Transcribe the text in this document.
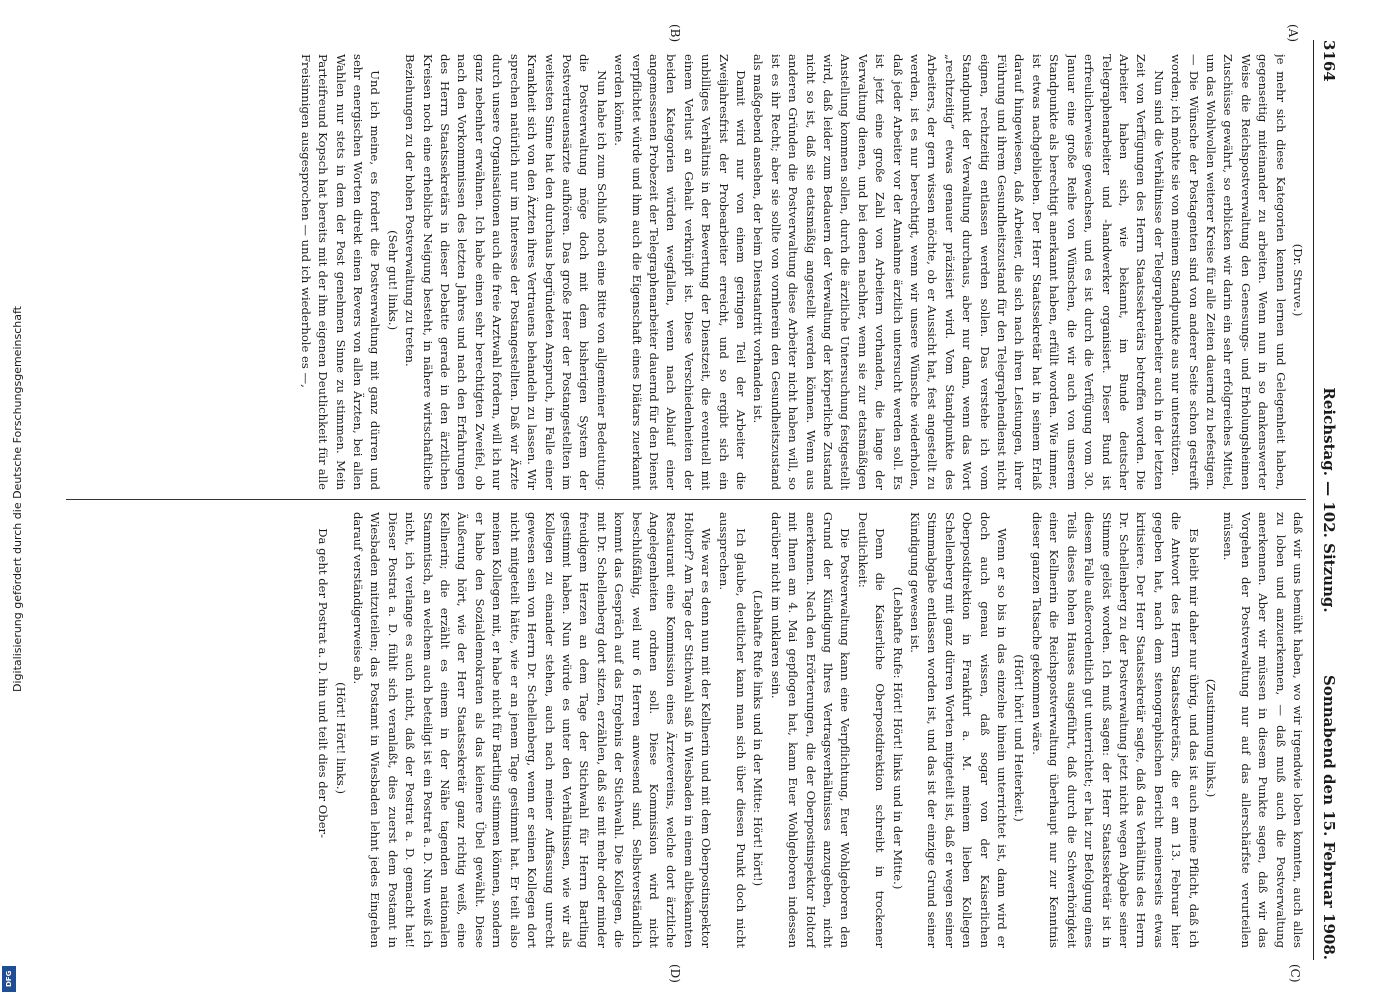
Digitalisierung gefördert durch die Deutsche Forschungsgemeinschaft
DFG
3164
Reichstag. — 102. Sitzung.
Sonnabend den 15. Februar 1908.
(A)
(B)
(C)
(D)

(Dr. Struve.)

je mehr sich diese Kategorien kennen lernen und Gelegenheit haben, gegenseitig miteinander zu arbeiten. Wenn nun in so dankenswerter Weise die Reichspostverwaltung den Genesungs- und Erholungsheimen Zuschüsse gewährt, so erblicken wir darin ein sehr erfolgreiches Mittel, um das Wohlwollen weiterer Kreise für alle Zeiten dauernd zu befestigen. — Die Wünsche der Postagenten sind von anderer Seite schon gestreift worden; ich möchte sie von meinem Standpunkte aus nur unterstützen.

Nun sind die Verhältnisse der Telegraphenarbeiter auch in der letzten Zeit von Verfügungen des Herrn Staatssekretärs betroffen worden. Die Arbeiter haben sich, wie bekannt, im Bunde deutscher Telegraphenarbeiter und -handwerker organisiert. Dieser Bund ist erfreulicherweise gewachsen, und es ist durch die Verfügung vom 30. Januar eine große Reihe von Wünschen, die wir auch von unserem Standpunkte als berechtigt anerkannt haben, erfüllt worden. Wie immer, ist etwas nachgeblieben. Der Herr Staatssekretär hat in seinem Erlaß darauf hingewiesen, daß Arbeiter, die sich nach ihren Leistungen, ihrer Führung und ihrem Gesundheitszustand für den Telegraphendienst nicht eignen, rechtzeitig entlassen werden sollen. Das verstehe ich vom Standpunkt der Verwaltung durchaus, aber nur dann, wenn das Wort „rechtzeitig“ etwas genauer präzisiert wird. Vom Standpunkte des Arbeiters, der gern wissen möchte, ob er Aussicht hat, fest angestellt zu werden, ist es nur berechtigt, wenn wir unsere Wünsche wiederholen, daß jeder Arbeiter vor der Annahme ärztlich untersucht werden soll. Es ist jetzt eine große Zahl von Arbeitern vorhanden, die lange der Verwaltung dienen, und bei denen nachher, wenn sie zur etatsmäßigen Anstellung kommen sollen, durch die ärztliche Untersuchung festgestellt wird, daß leider zum Bedauern der Verwaltung der körperliche Zustand nicht so ist, daß sie etatsmäßig angestellt werden können. Wenn aus anderen Gründen die Postverwaltung diese Arbeiter nicht haben will, so ist es ihr Recht; aber sie sollte von vornherein den Gesundheitszustand als maßgebend ansehen, der beim Dienstantritt vorhanden ist.

Damit wird nur von einem geringen Teil der Arbeiter die Zweijahresfrist der Probearbeiter erreicht, und so ergibt sich ein unbilliges Verhältnis in der Bewertung der Dienstzeit, die eventuell mit einem Verlust an Gehalt verknüpft ist. Diese Verschiedenheiten der beiden Kategorien würden wegfallen, wenn nach Ablauf einer angemessenen Probezeit der Telegraphenarbeiter dauernd für den Dienst verpflichtet würde und ihm auch die Eigenschaft eines Diätars zuerkannt werden könnte.

Nun habe ich zum Schluß noch eine Bitte von allgemeiner Bedeutung: die Postverwaltung möge doch mit dem bisherigen System der Postvertrauensärzte aufhören. Das große Heer der Postangestellten im weitesten Sinne hat den durchaus begründeten Anspruch, im Falle einer Krankheit sich von den Ärzten ihres Vertrauens behandeln zu lassen. Wir sprechen natürlich nur im Interesse der Postangestellten. Daß wir Ärzte durch unsere Organisationen auch die freie Arztwahl fordern, will ich nur ganz nebenher erwähnen. Ich habe einen sehr berechtigten Zweifel, ob nach den Vorkommnissen des letzten Jahres und nach den Erfahrungen des Herrn Staatssekretärs in dieser Debatte gerade in den ärztlichen Kreisen noch eine erhebliche Neigung besteht, in nähere wirtschaftliche Beziehungen zu der hohen Postverwaltung zu treten.

(Sehr gut! links.)

Und ich meine, es fordert die Postverwaltung mit ganz dürren und sehr energischen Worten direkt einen Revers von allen Ärzten, bei allen Wahlen nur stets in dem der Post genehmen Sinne zu stimmen. Mein Parteifreund Kopsch hat bereits mit der ihm eigenen Deutlichkeit für alle Freisinnigen ausgesprochen — und ich wiederhole es —,

daß wir uns bemüht haben, wo wir irgendwie loben konnten, auch alles zu loben und anzuerkennen, — daß muß auch die Postverwaltung anerkennen. Aber wir müssen in diesem Punkte sagen, daß wir das Vorgehen der Postverwaltung nur auf das allerschärfste verurteilen müssen.

(Zustimmung links.)

Es bleibt mir daher nur übrig, und das ist auch meine Pflicht, daß ich die Antwort des Herrn Staatssekretärs, die er am 13. Februar hier gegeben hat, nach dem stenographischen Bericht meinerseits etwas kritisiere. Der Herr Staatssekretär sagte, daß das Verhältnis des Herrn Dr. Schellenberg zu der Postverwaltung jetzt nicht wegen Abgabe seiner Stimme gelöst worden. Ich muß sagen: der Herr Staatssekretär ist in diesem Falle außerordentlich gut unterrichtet; er hat zur Befolgung eines Teils dieses hohen Hauses ausgeführt, daß durch die Schwerhörigkeit einer Kellnerin die Reichspostverwaltung überhaupt nur zur Kenntnis dieser ganzen Tatsache gekommen wäre.

(Hört! hört! und Heiterkeit.)

Wenn er so bis in das einzelne hinein unterrichtet ist, dann wird er doch auch genau wissen, daß sogar von der Kaiserlichen Oberpostdirektion in Frankfurt a. M. meinem lieben Kollegen Schellenberg mit ganz dürren Worten mitgeteilt ist, daß er wegen seiner Stimmabgabe entlassen worden ist, und das ist der einzige Grund seiner Kündigung gewesen ist.

(Lebhafte Rufe: Hört! Hört! links und in der Mitte.)

Denn die Kaiserliche Oberpostdirektion schreibt in trockener Deutlichkeit:

Die Postverwaltung kann eine Verpflichtung, Euer Wohlgeboren den Grund der Kündigung Ihres Vertragsverhältnisses anzugeben, nicht anerkennen. Nach den Erörterungen, die der Oberpostinspektor Holtorf mit Ihnen am 4. Mai gepflogen hat, kann Euer Wohlgeboren indessen darüber nicht im unklaren sein.

(Lebhafte Rufe links und in der Mitte: Hört! hört!)

Ich glaube, deutlicher kann man sich über diesen Punkt doch nicht aussprechen.

Wie war es denn nun mit der Kellnerin und mit dem Oberpostinspektor Holtorf? Am Tage der Stichwahl saß in Wiesbaden in einem altbekannten Restaurant eine Kommission eines Ärztevereins, welche dort ärztliche Angelegenheiten ordnen soll. Diese Kommission wird nicht beschlußfähig, weil nur 6 Herren anwesend sind. Selbstverständlich kommt das Gespräch auf das Ergebnis der Stichwahl. Die Kollegen, die mit Dr. Schellenberg dort sitzen, erzählen, daß sie mit mehr oder minder freudigem Herzen an dem Tage der Stichwahl für Herrn Bartling gestimmt haben. Nun würde es unter den Verhältnissen, wie wir als Kollegen zu einander stehen, auch nach meiner Auffassung unrecht gewesen sein von Herrn Dr. Schellenberg, wenn er seinen Kollegen dort nicht mitgeteilt hätte, wie er an jenem Tage gestimmt hat. Er teilt also meinen Kollegen mit, er habe nicht für Bartling stimmen können, sondern er habe den Sozialdemokraten als das kleinere Übel gewählt. Diese Äußerung hört, wie der Herr Staatssekretär ganz richtig weiß, eine Kellnerin; die erzählt es einem in der Nähe tagenden nationalen Stammtisch, an welchem auch beteiligt ist ein Postrat a. D. Nun weiß ich nicht, ich verlange es auch nicht, daß der Postrat a. D. gemacht hat! Dieser Postrat a. D. fühlt sich veranlaßt, dies zuerst dem Postamt in Wiesbaden mitzuteilen; das Postamt in Wiesbaden lehnt jedes Eingehen darauf verständigerweise ab.

(Hört! Hört! links.)

Da geht der Postrat a. D. hin und teilt dies der Ober-
